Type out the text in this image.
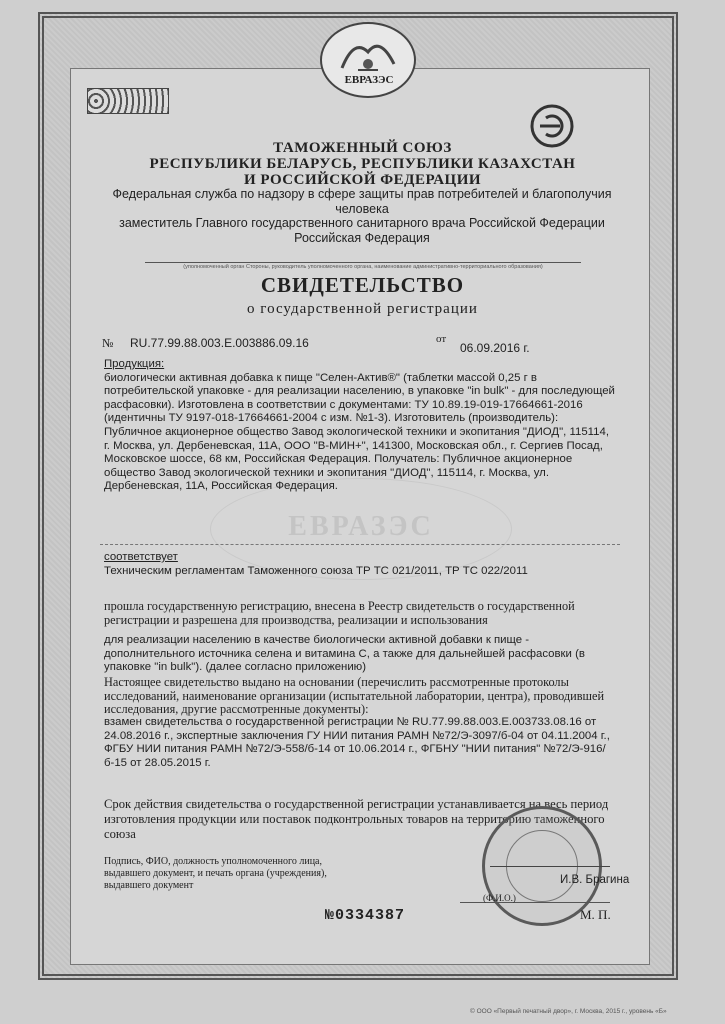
ЕВРАЗЭС
ТАМОЖЕННЫЙ СОЮЗ
РЕСПУБЛИКИ БЕЛАРУСЬ, РЕСПУБЛИКИ КАЗАХСТАН
И РОССИЙСКОЙ ФЕДЕРАЦИИ
Федеральная служба по надзору в сфере защиты прав потребителей и благополучия человека
заместитель Главного государственного санитарного врача Российской Федерации
Российская Федерация
(уполномоченный орган Стороны, руководитель уполномоченного органа, наименование административно-территориального образования)
СВИДЕТЕЛЬСТВО
о государственной регистрации
№ RU.77.99.88.003.Е.003886.09.16	от
06.09.2016 г.
ЕВРАЗЭС
Продукция:
биологически активная добавка к пище "Селен-Актив®" (таблетки массой 0,25 г в потребительской упаковке - для реализации населению, в упаковке "in bulk" - для последующей расфасовки). Изготовлена в соответствии с документами: ТУ 10.89.19-019-17664661-2016 (идентичны ТУ 9197-018-17664661-2004 с изм. №1-3). Изготовитель (производитель): Публичное акционерное общество Завод экологической техники и экопитания "ДИОД", 115114, г. Москва, ул. Дербеневская, 11А, ООО "В-МИН+", 141300, Московская обл., г. Сергиев Посад, Московское шоссе, 68 км, Российская Федерация. Получатель: Публичное акционерное общество Завод экологической техники и экопитания "ДИОД", 115114, г. Москва, ул. Дербеневская, 11А, Российская Федерация.
соответствует
Техническим регламентам Таможенного союза ТР ТС 021/2011, ТР ТС 022/2011
прошла государственную регистрацию, внесена в Реестр свидетельств о государственной регистрации и разрешена для производства, реализации и использования
для реализации населению в качестве биологически активной добавки к пище - дополнительного источника селена и витамина С, а также для дальнейшей расфасовки (в упаковке "in bulk"). (далее согласно приложению)
Настоящее свидетельство выдано на основании (перечислить рассмотренные протоколы исследований, наименование организации (испытательной лаборатории, центра), проводившей исследования, другие рассмотренные документы):
взамен свидетельства о государственной регистрации № RU.77.99.88.003.Е.003733.08.16 от 24.08.2016 г., экспертные заключения ГУ НИИ питания РАМН №72/Э-3097/б-04 от 04.11.2004 г., ФГБУ НИИ питания РАМН №72/Э-558/б-14 от 10.06.2014 г., ФГБНУ "НИИ питания" №72/Э-916/б-15 от 28.05.2015 г.
Срок действия свидетельства о государственной регистрации устанавливается на весь период изготовления продукции или поставок подконтрольных товаров на территорию таможенного союза
Подпись, ФИО, должность уполномоченного лица, выдавшего документ, и печать органа (учреждения), выдавшего документ	И.В. Брагина
(Ф.И.О.)
М. П.
№0334387
© ООО «Первый печатный двор», г. Москва, 2015 г., уровень «Б»
